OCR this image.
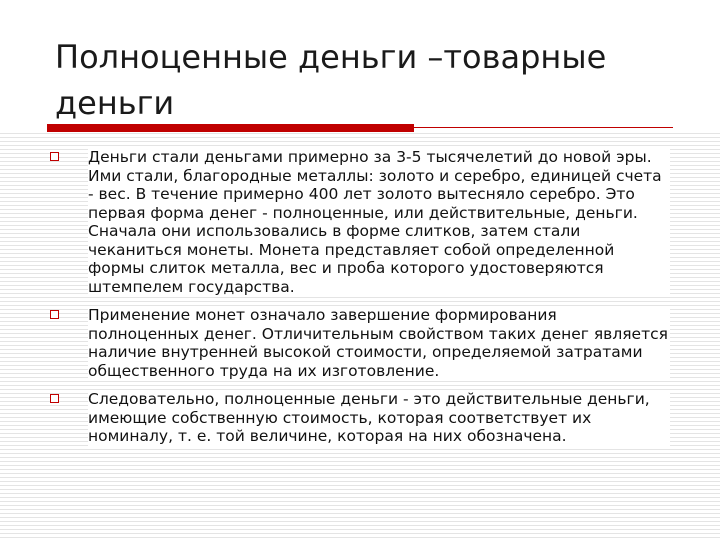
Полноценные деньги –товарные деньги
Деньги стали деньгами примерно за 3-5 тысячелетий до новой эры. Ими стали, благородные металлы: золото и серебро, единицей счета - вес. В течение примерно 400 лет золото вытесняло серебро. Это первая форма денег - полноценные, или действительные, деньги. Сначала они использовались в форме слитков, затем стали чеканиться монеты. Монета представляет собой определенной формы слиток металла, вес и проба которого удостоверяются штемпелем государства.
Применение монет означало завершение формирования полноценных денег. Отличительным свойством таких денег является наличие внутренней высокой стоимости, определяемой затратами общественного труда на их изготовление.
Следовательно, полноценные деньги - это действительные деньги, имеющие собственную стоимость, которая соответствует их номиналу, т. е. той величине, которая на них обозначена.
